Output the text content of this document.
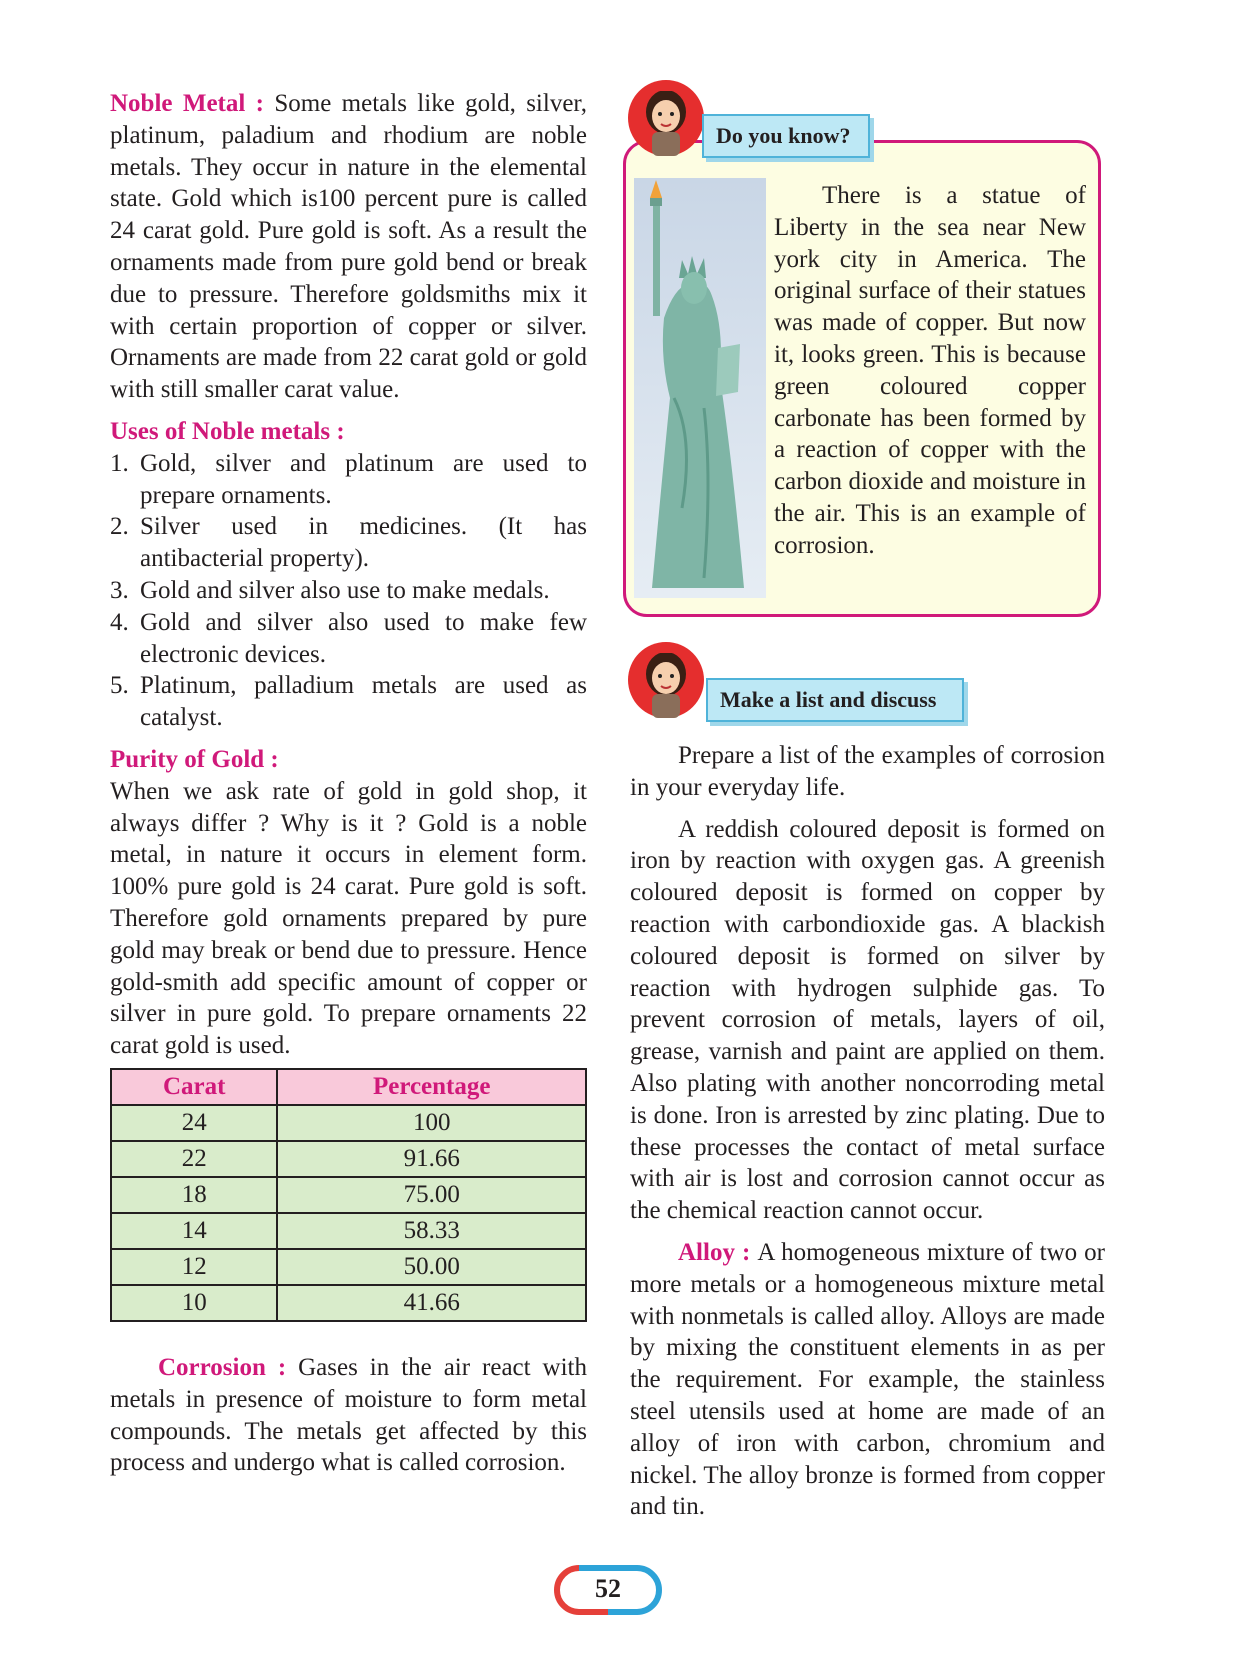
Noble Metal : Some metals like gold, silver, platinum, paladium and rhodium are noble metals. They occur in nature in the elemental state. Gold which is100 percent pure is called 24 carat gold. Pure gold is soft. As a result the ornaments made from pure gold bend or break due to pressure. Therefore goldsmiths mix it with certain proportion of copper or silver. Ornaments are made from 22 carat gold or gold with still smaller carat value.

Uses of Noble metals :
1. Gold, silver and platinum are used to prepare ornaments.
2. Silver used in medicines. (It has antibacterial property).
3. Gold and silver also use to make medals.
4. Gold and silver also used to make few electronic devices.
5. Platinum, palladium metals are used as catalyst.
Purity of Gold :

When we ask rate of gold in gold shop, it always differ ? Why is it ? Gold is a noble metal, in nature it occurs in element form. 100% pure gold is 24 carat. Pure gold is soft. Therefore gold ornaments prepared by pure gold may break or bend due to pressure. Hence gold-smith add specific amount of copper or silver in pure gold. To prepare ornaments 22 carat gold is used.

Carat	Percentage
24	100
22	91.66
18	75.00
14	58.33
12	50.00
10	41.66

Corrosion : Gases in the air react with metals in presence of moisture to form metal compounds. The metals get affected by this process and undergo what is called corrosion.

Do you know?

There is a statue of Liberty in the sea near New york city in America. The original surface of their statues was made of copper. But now it, looks green. This is because green coloured copper carbonate has been formed by a reaction of copper with the carbon dioxide and moisture in the air. This is an example of corrosion.

Make a list and discuss

Prepare a list of the examples of corrosion in your everyday life.

A reddish coloured deposit is formed on iron by reaction with oxygen gas. A greenish coloured deposit is formed on copper by reaction with carbondioxide gas. A blackish coloured deposit is formed on silver by reaction with hydrogen sulphide gas. To prevent corrosion of metals, layers of oil, grease, varnish and paint are applied on them. Also plating with another noncorroding metal is done. Iron is arrested by zinc plating. Due to these processes the contact of metal surface with air is lost and corrosion cannot occur as the chemical reaction cannot occur.

Alloy : A homogeneous mixture of two or more metals or a homogeneous mixture metal with nonmetals is called alloy. Alloys are made by mixing the constituent elements in as per the requirement. For example, the stainless steel utensils used at home are made of an alloy of iron with carbon, chromium and nickel. The alloy bronze is formed from copper and tin.

52
